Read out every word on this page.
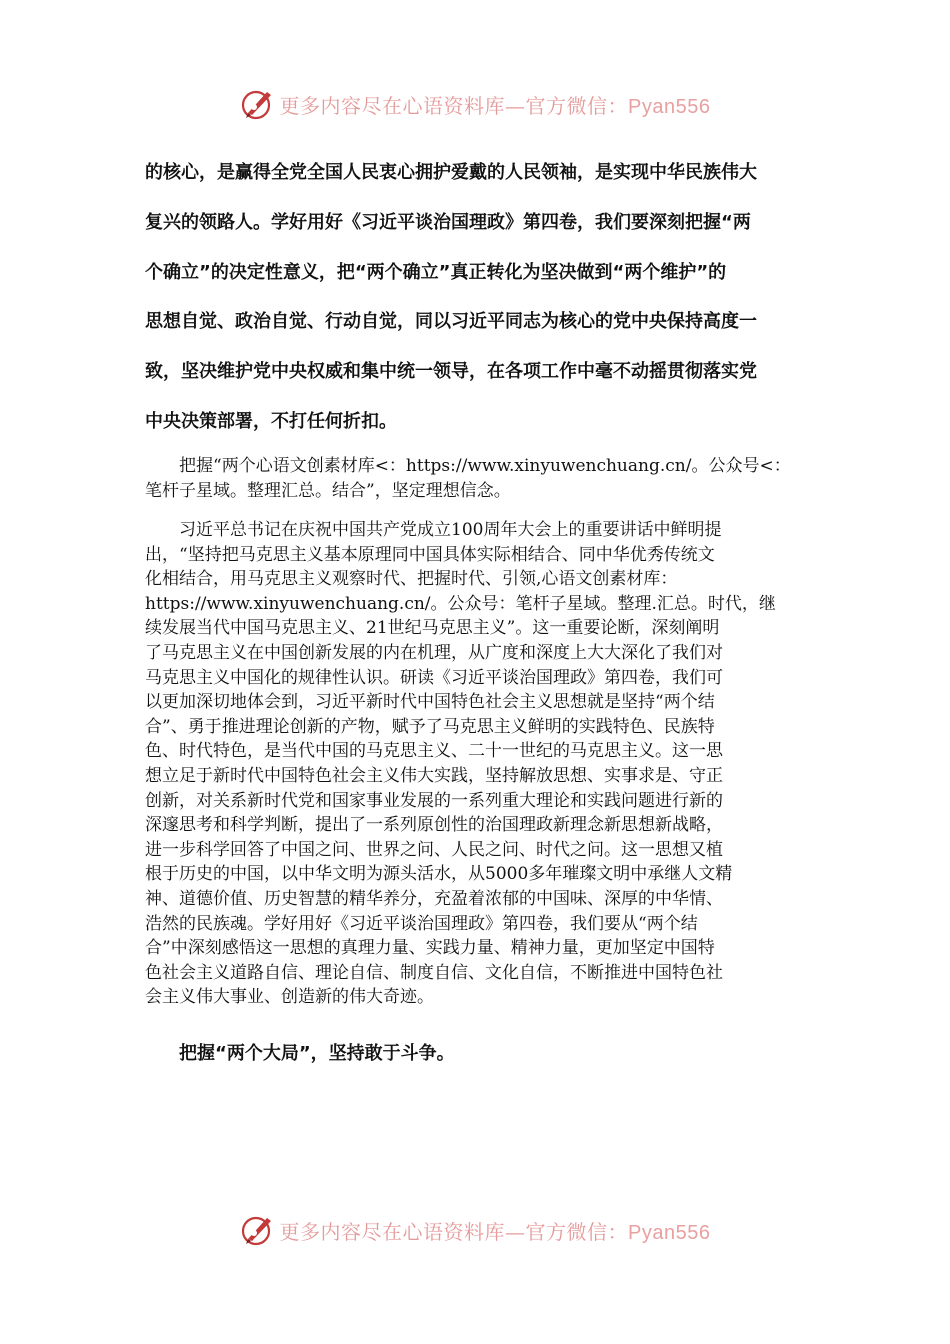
更多内容尽在心语资料库—官方微信：Pyan556

的核心，是赢得全党全国人民衷心拥护爱戴的人民领袖，是实现中华民族伟大

复兴的领路人。学好用好《习近平谈治国理政》第四卷，我们要深刻把握“两

个确立”的决定性意义，把“两个确立”真正转化为坚决做到“两个维护”的

思想自觉、政治自觉、行动自觉，同以习近平同志为核心的党中央保持高度一

致，坚决维护党中央权威和集中统一领导，在各项工作中毫不动摇贯彻落实党

中央决策部署，不打任何折扣。

把握“两个心语文创素材库<：https://www.xinyuwenchuang.cn/。公众号<：
笔杆子星域。整理汇总。结合”，坚定理想信念。
习近平总书记在庆祝中国共产党成立100周年大会上的重要讲话中鲜明提
出，“坚持把马克思主义基本原理同中国具体实际相结合、同中华优秀传统文
化相结合，用马克思主义观察时代、把握时代、引领,心语文创素材库：
https://www.xinyuwenchuang.cn/。公众号：笔杆子星域。整理.汇总。时代，继
续发展当代中国马克思主义、21世纪马克思主义”。这一重要论断，深刻阐明
了马克思主义在中国创新发展的内在机理，从广度和深度上大大深化了我们对
马克思主义中国化的规律性认识。研读《习近平谈治国理政》第四卷，我们可
以更加深切地体会到，习近平新时代中国特色社会主义思想就是坚持“两个结
合”、勇于推进理论创新的产物，赋予了马克思主义鲜明的实践特色、民族特
色、时代特色，是当代中国的马克思主义、二十一世纪的马克思主义。这一思
想立足于新时代中国特色社会主义伟大实践，坚持解放思想、实事求是、守正
创新，对关系新时代党和国家事业发展的一系列重大理论和实践问题进行新的
深邃思考和科学判断，提出了一系列原创性的治国理政新理念新思想新战略，
进一步科学回答了中国之问、世界之问、人民之问、时代之问。这一思想又植
根于历史的中国，以中华文明为源头活水，从5000多年璀璨文明中承继人文精
神、道德价值、历史智慧的精华养分，充盈着浓郁的中国味、深厚的中华情、
浩然的民族魂。学好用好《习近平谈治国理政》第四卷，我们要从“两个结
合”中深刻感悟这一思想的真理力量、实践力量、精神力量，更加坚定中国特
色社会主义道路自信、理论自信、制度自信、文化自信，不断推进中国特色社
会主义伟大事业、创造新的伟大奇迹。
把握“两个大局”，坚持敢于斗争。
更多内容尽在心语资料库—官方微信：Pyan556
